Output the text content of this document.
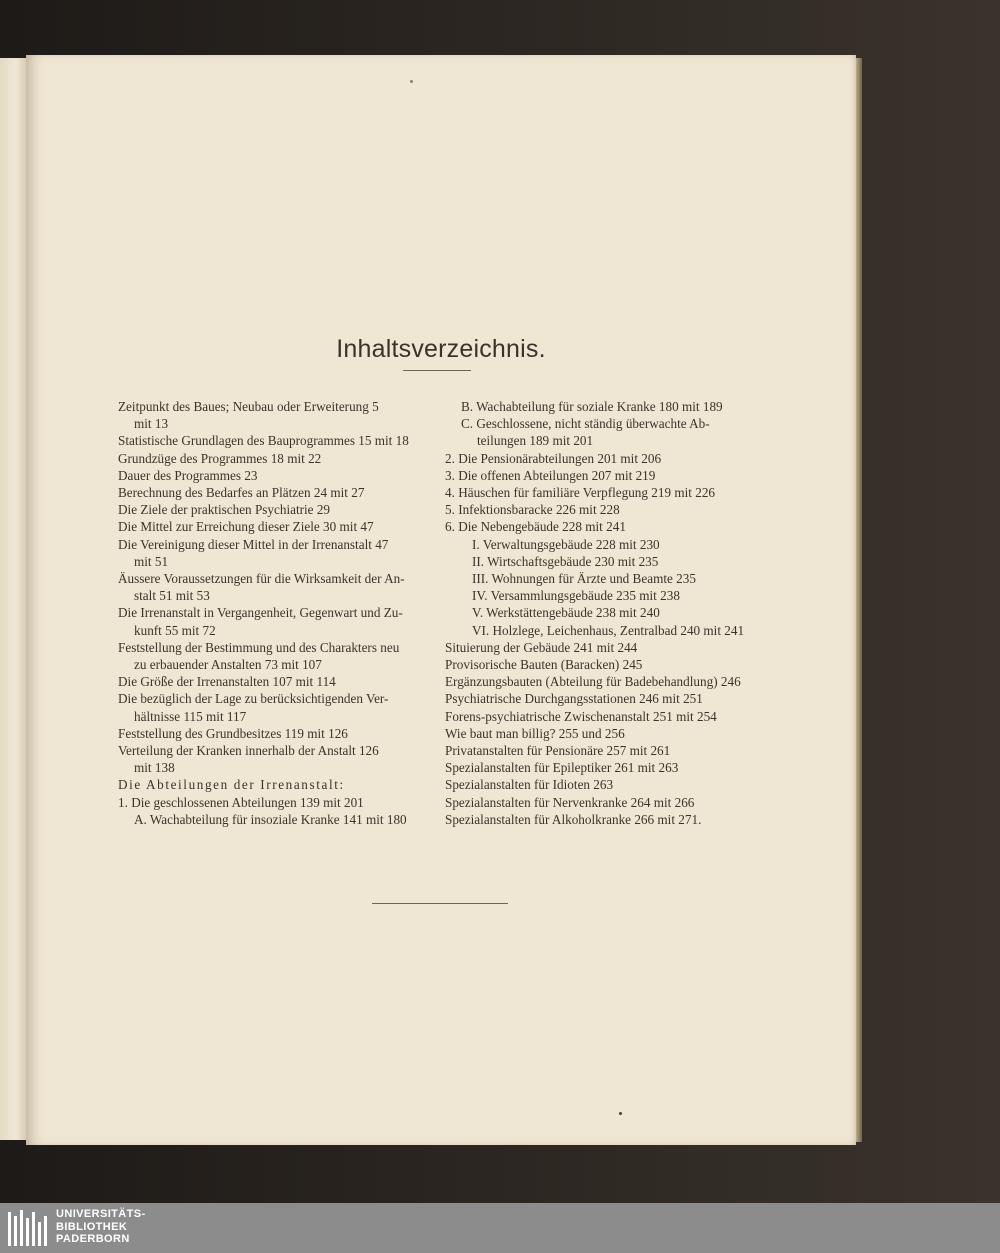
Inhaltsverzeichnis.
Zeitpunkt des Baues; Neubau oder Erweiterung 5
mit 13
Statistische Grundlagen des Bauprogrammes 15 mit 18
Grundzüge des Programmes 18 mit 22
Dauer des Programmes 23
Berechnung des Bedarfes an Plätzen 24 mit 27
Die Ziele der praktischen Psychiatrie 29
Die Mittel zur Erreichung dieser Ziele 30 mit 47
Die Vereinigung dieser Mittel in der Irrenanstalt 47
mit 51
Äussere Voraussetzungen für die Wirksamkeit der An-
stalt 51 mit 53
Die Irrenanstalt in Vergangenheit, Gegenwart und Zu-
kunft 55 mit 72
Feststellung der Bestimmung und des Charakters neu
zu erbauender Anstalten 73 mit 107
Die Größe der Irrenanstalten 107 mit 114
Die bezüglich der Lage zu berücksichtigenden Ver-
hältnisse 115 mit 117
Feststellung des Grundbesitzes 119 mit 126
Verteilung der Kranken innerhalb der Anstalt 126
mit 138
Die Abteilungen der Irrenanstalt:
1. Die geschlossenen Abteilungen 139 mit 201
A. Wachabteilung für insoziale Kranke 141 mit 180
B. Wachabteilung für soziale Kranke 180 mit 189
C. Geschlossene, nicht ständig überwachte Ab-
teilungen 189 mit 201
2. Die Pensionärabteilungen 201 mit 206
3. Die offenen Abteilungen 207 mit 219
4. Häuschen für familiäre Verpflegung 219 mit 226
5. Infektionsbaracke 226 mit 228
6. Die Nebengebäude 228 mit 241
I. Verwaltungsgebäude 228 mit 230
II. Wirtschaftsgebäude 230 mit 235
III. Wohnungen für Ärzte und Beamte 235
IV. Versammlungsgebäude 235 mit 238
V. Werkstättengebäude 238 mit 240
VI. Holzlege, Leichenhaus, Zentralbad 240 mit 241
Situierung der Gebäude 241 mit 244
Provisorische Bauten (Baracken) 245
Ergänzungsbauten (Abteilung für Badebehandlung) 246
Psychiatrische Durchgangsstationen 246 mit 251
Forens-psychiatrische Zwischenanstalt 251 mit 254
Wie baut man billig? 255 und 256
Privatanstalten für Pensionäre 257 mit 261
Spezialanstalten für Epileptiker 261 mit 263
Spezialanstalten für Idioten 263
Spezialanstalten für Nervenkranke 264 mit 266
Spezialanstalten für Alkoholkranke 266 mit 271.
UNIVERSITÄTS-
BIBLIOTHEK
PADERBORN
